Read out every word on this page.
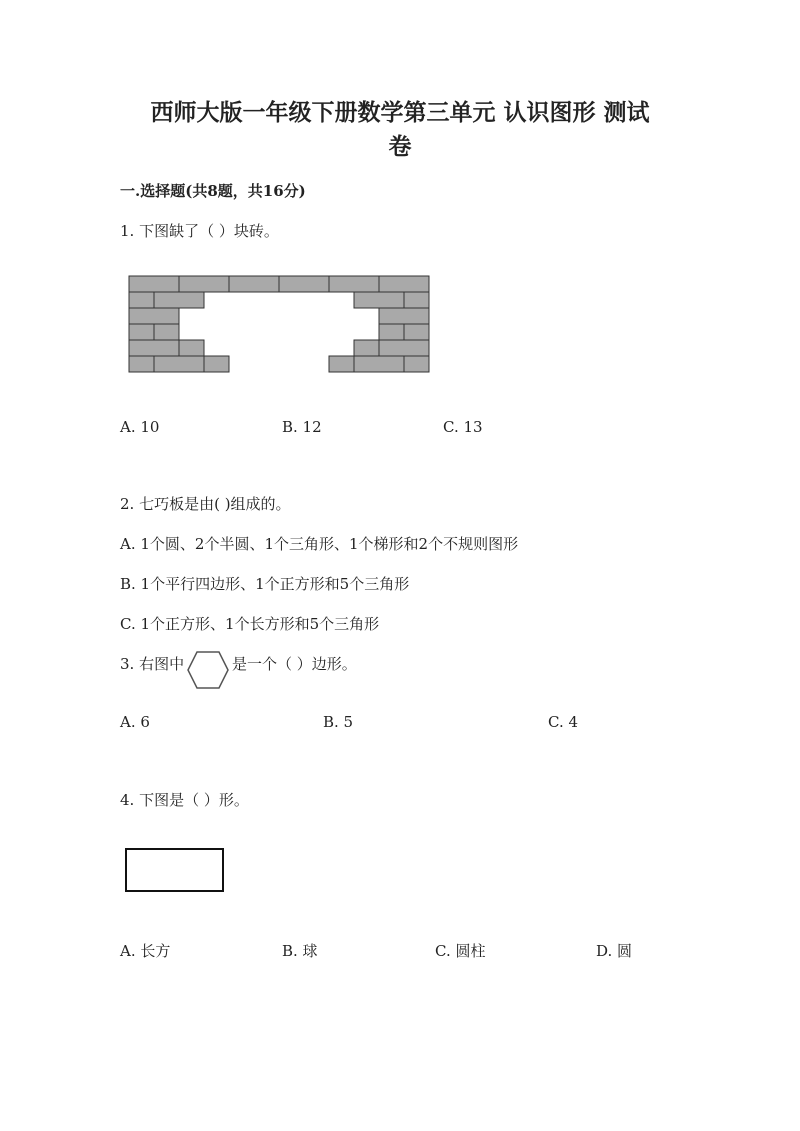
西师大版一年级下册数学第三单元 认识图形 测试
卷
一.选择题(共8题，共16分)
1. 下图缺了（ ）块砖。
A. 10	B. 12	C. 13
2. 七巧板是由( )组成的。
A. 1个圆、2个半圆、1个三角形、1个梯形和2个不规则图形
B. 1个平行四边形、1个正方形和5个三角形
C. 1个正方形、1个长方形和5个三角形
3. 右图中	是一个（ ）边形。
A. 6	B. 5	C. 4
4. 下图是（ ）形。
A. 长方	B. 球	C. 圆柱	D. 圆
